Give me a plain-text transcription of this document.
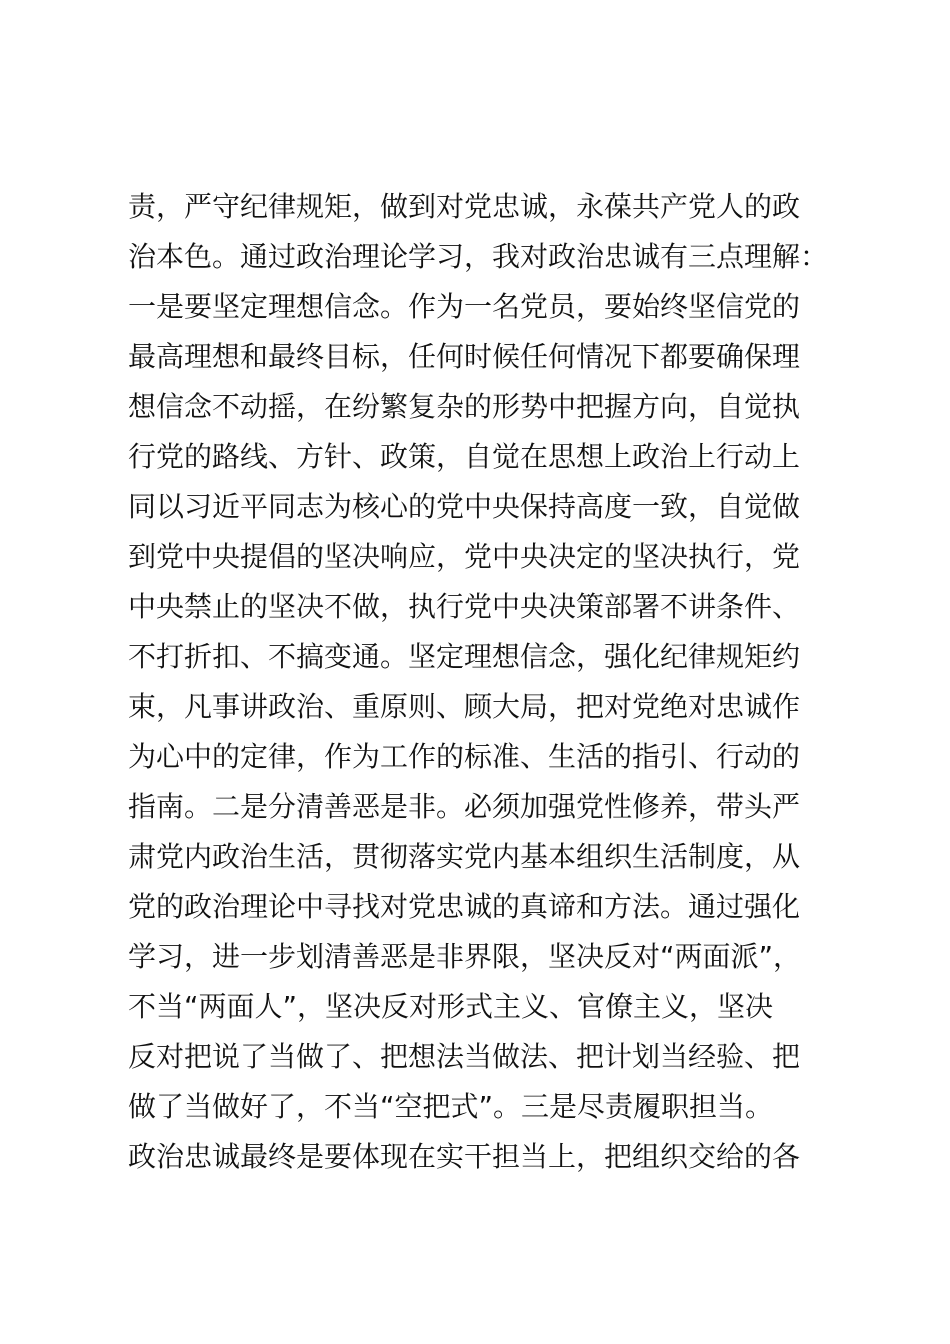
责，严守纪律规矩，做到对党忠诚，永葆共产党人的政
治本色。通过政治理论学习，我对政治忠诚有三点理解：
一是要坚定理想信念。作为一名党员，要始终坚信党的
最高理想和最终目标，任何时候任何情况下都要确保理
想信念不动摇，在纷繁复杂的形势中把握方向，自觉执
行党的路线、方针、政策，自觉在思想上政治上行动上
同以习近平同志为核心的党中央保持高度一致，自觉做
到党中央提倡的坚决响应，党中央决定的坚决执行，党
中央禁止的坚决不做，执行党中央决策部署不讲条件、
不打折扣、不搞变通。坚定理想信念，强化纪律规矩约
束，凡事讲政治、重原则、顾大局，把对党绝对忠诚作
为心中的定律，作为工作的标准、生活的指引、行动的
指南。二是分清善恶是非。必须加强党性修养，带头严
肃党内政治生活，贯彻落实党内基本组织生活制度，从
党的政治理论中寻找对党忠诚的真谛和方法。通过强化
学习，进一步划清善恶是非界限，坚决反对“两面派”，
不当“两面人”，坚决反对形式主义、官僚主义，坚决
反对把说了当做了、把想法当做法、把计划当经验、把
做了当做好了，不当“空把式”。三是尽责履职担当。
政治忠诚最终是要体现在实干担当上，把组织交给的各
